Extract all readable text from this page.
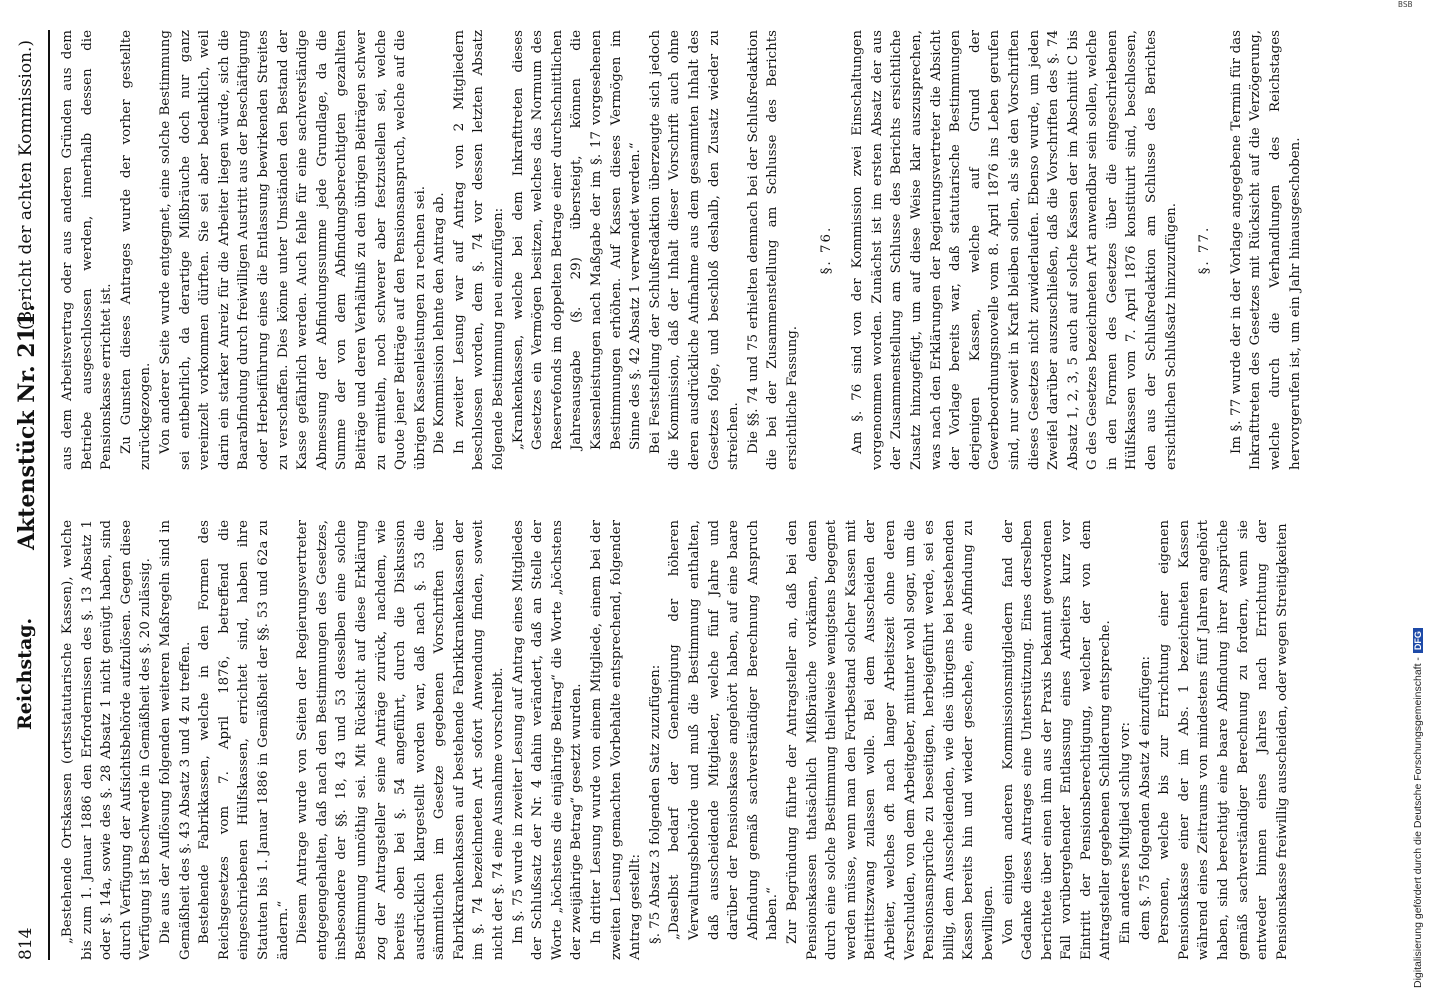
814
Reichstag.
Aktenstück Nr. 211.
(Bericht der achten Kommission.)

„Bestehende Ortskassen (ortsstatutarische Kassen), welche bis zum 1. Januar 1886 den Erfordernissen des §. 13 Absatz 1 oder §. 14a, sowie des §. 28 Absatz 1 nicht genügt haben, sind durch Verfügung der Aufsichtsbehörde aufzulösen. Gegen diese Verfügung ist Beschwerde in Gemäßheit des §. 20 zulässig. Die aus der Auflösung folgenden weiteren Maßregeln sind in Gemäßheit des §. 43 Absatz 3 und 4 zu treffen. Bestehende Fabrikkassen, welche in den Formen des Reichsgesetzes vom 7. April 1876, betreffend die eingeschriebenen Hülfskassen, errichtet sind, haben ihre Statuten bis 1. Januar 1886 in Gemäßheit der §§. 53 und 62a zu ändern.“ Diesem Antrage wurde von Seiten der Regierungsvertreter entgegengehalten, daß nach den Bestimmungen des Gesetzes, insbesondere der §§. 18, 43 und 53 desselben eine solche Bestimmung unnöthig sei. Mit Rücksicht auf diese Erklärung zog der Antragsteller seine Anträge zurück, nachdem, wie bereits oben bei §. 54 angeführt, durch die Diskussion ausdrücklich klargestellt worden war, daß nach §. 53 die sämmtlichen im Gesetze gegebenen Vorschriften über Fabrikkrankenkassen auf bestehende Fabrikkrankenkassen der im §. 74 bezeichneten Art sofort Anwendung finden, soweit nicht der §. 74 eine Ausnahme vorschreibt. Im §. 75 wurde in zweiter Lesung auf Antrag eines Mitgliedes der Schlußsatz der Nr. 4 dahin verändert, daß an Stelle der Worte „höchstens die einjährige Beitrag“ die Worte „höchstens der zweijährige Betrag“ gesetzt wurden. In dritter Lesung wurde von einem Mitgliede, einem bei der zweiten Lesung gemachten Vorbehalte entsprechend, folgender Antrag gestellt: §. 75 Absatz 3 folgenden Satz zuzufügen: „Daselbst bedarf der Genehmigung der höheren Verwaltungsbehörde und muß die Bestimmung enthalten, daß ausscheidende Mitglieder, welche fünf Jahre und darüber der Pensionskasse angehört haben, auf eine baare Abfindung gemäß sachverständiger Berechnung Anspruch haben.“ Zur Begründung führte der Antragsteller an, daß bei den Pensionskassen thatsächlich Mißbräuche vorkämen, denen durch eine solche Bestimmung theilweise wenigstens begegnet werden müsse, wenn man den Fortbestand solcher Kassen mit Beitrittszwang zulassen wolle. Bei dem Ausscheiden der Arbeiter, welches oft nach langer Arbeitszeit ohne deren Verschulden, von dem Arbeitgeber, mitunter wohl sogar, um die Pensionsansprüche zu beseitigen, herbeigeführt werde, sei es billig, dem Ausscheidenden, wie dies übrigens bei bestehenden Kassen bereits hin und wieder geschehe, eine Abfindung zu bewilligen. Von einigen anderen Kommissionsmitgliedern fand der Gedanke dieses Antrages eine Unterstützung. Eines derselben berichtete über einen ihm aus der Praxis bekannt gewordenen Fall vorübergehender Entlassung eines Arbeiters kurz vor Eintritt der Pensionsberechtigung, welcher der von dem Antragsteller gegebenen Schilderung entspreche. Ein anderes Mitglied schlug vor: dem §. 75 folgenden Absatz 4 einzufügen: Personen, welche bis zur Errichtung einer eigenen Pensionskasse einer der im Abs. 1 bezeichneten Kassen während eines Zeitraums von mindestens fünf Jahren angehört haben, sind berechtigt eine baare Abfindung ihrer Ansprüche gemäß sachverständiger Berechnung zu fordern, wenn sie entweder binnen eines Jahres nach Errichtung der Pensionskasse freiwillig ausscheiden, oder wegen Streitigkeiten

aus dem Arbeitsvertrag oder aus anderen Gründen aus dem Betriebe ausgeschlossen werden, innerhalb dessen die Pensionskasse errichtet ist. Zu Gunsten dieses Antrages wurde der vorher gestellte zurückgezogen. Von anderer Seite wurde entgegnet, eine solche Bestimmung sei entbehrlich, da derartige Mißbräuche doch nur ganz vereinzelt vorkommen dürften. Sie sei aber bedenklich, weil darin ein starker Anreiz für die Arbeiter liegen würde, sich die Baarabfindung durch freiwilligen Austritt aus der Beschäftigung oder Herbeiführung eines die Entlassung bewirkenden Streites zu verschaffen. Dies könne unter Umständen den Bestand der Kasse gefährlich werden. Auch fehle für eine sachverständige Abmessung der Abfindungssumme jede Grundlage, da die Summe der von dem Abfindungsberechtigten gezahlten Beiträge und deren Verhältniß zu den übrigen Beiträgen schwer zu ermitteln, noch schwerer aber festzustellen sei, welche Quote jener Beiträge auf den Pensionsanspruch, welche auf die übrigen Kassenleistungen zu rechnen sei. Die Kommission lehnte den Antrag ab. In zweiter Lesung war auf Antrag von 2 Mitgliedern beschlossen worden, dem §. 74 vor dessen letzten Absatz folgende Bestimmung neu einzufügen: „Krankenkassen, welche bei dem Inkrafttreten dieses Gesetzes ein Vermögen besitzen, welches das Normum des Reservefonds im doppelten Betrage einer durchschnittlichen Jahresausgabe (§. 29) übersteigt, können die Kassenleistungen nach Maßgabe der im §. 17 vorgesehenen Bestimmungen erhöhen. Auf Kassen dieses Vermögen im Sinne des §. 42 Absatz 1 verwendet werden.“ Bei Feststellung der Schlußredaktion überzeugte sich jedoch die Kommission, daß der Inhalt dieser Vorschrift auch ohne deren ausdrückliche Aufnahme aus dem gesammten Inhalt des Gesetzes folge, und beschloß deshalb, den Zusatz wieder zu streichen. Die §§. 74 und 75 erhielten demnach bei der Schlußredaktion die bei der Zusammenstellung am Schlusse des Berichts ersichtliche Fassung.

§. 76. Am §. 76 sind von der Kommission zwei Einschaltungen vorgenommen worden. Zunächst ist im ersten Absatz der aus der Zusammenstellung am Schlusse des Berichts ersichtliche Zusatz hinzugefügt, um auf diese Weise klar auszusprechen, was nach den Erklärungen der Regierungsvertreter die Absicht der Vorlage bereits war, daß statutarische Bestimmungen derjenigen Kassen, welche auf Grund der Gewerbeordnungsnovelle vom 8. April 1876 ins Leben gerufen sind, nur soweit in Kraft bleiben sollen, als sie den Vorschriften dieses Gesetzes nicht zuwiderlaufen. Ebenso wurde, um jeden Zweifel darüber auszuschließen, daß die Vorschriften des §. 74 Absatz 1, 2, 3, 5 auch auf solche Kassen der im Abschnitt C bis G des Gesetzes bezeichneten Art anwendbar sein sollen, welche in den Formen des Gesetzes über die eingeschriebenen Hülfskassen vom 7. April 1876 konstituirt sind, beschlossen, den aus der Schlußredaktion am Schlusse des Berichtes ersichtlichen Schlußsatz hinzuzufügen. §. 77. Im §. 77 wurde der in der Vorlage angegebene Termin für das Inkrafttreten des Gesetzes mit Rücksicht auf die Verzögerung, welche durch die Verhandlungen des Reichstages hervorgerufen ist, um ein Jahr hinausgeschoben.

BSB
Digitalisierung gefördert durch die Deutsche Forschungsgemeinschaft -DFG
